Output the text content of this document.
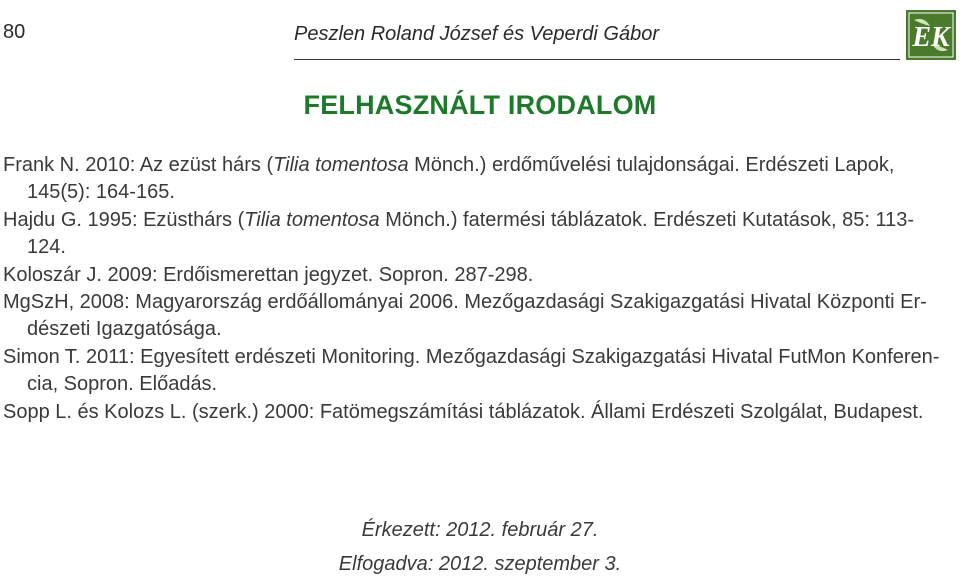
80	Peszlen Roland József és Veperdi Gábor	EK
FELHASZNÁLT IRODALOM

Frank N. 2010: Az ezüst hárs (Tilia tomentosa Mönch.) erdőművelési tulajdonságai. Erdészeti Lapok,
145(5): 164-165.

Hajdu G. 1995: Ezüsthárs (Tilia tomentosa Mönch.) fatermési táblázatok. Erdészeti Kutatások, 85: 113-
124.

Koloszár J. 2009: Erdőismerettan jegyzet. Sopron. 287-298.

MgSzH, 2008: Magyarország erdőállományai 2006. Mezőgazdasági Szakigazgatási Hivatal Központi Er-
dészeti Igazgatósága.

Simon T. 2011: Egyesített erdészeti Monitoring. Mezőgazdasági Szakigazgatási Hivatal FutMon Konferen-
cia, Sopron. Előadás.

Sopp L. és Kolozs L. (szerk.) 2000: Fatömegszámítási táblázatok. Állami Erdészeti Szolgálat, Budapest.

Érkezett: 2012. február 27.
Elfogadva: 2012. szeptember 3.
